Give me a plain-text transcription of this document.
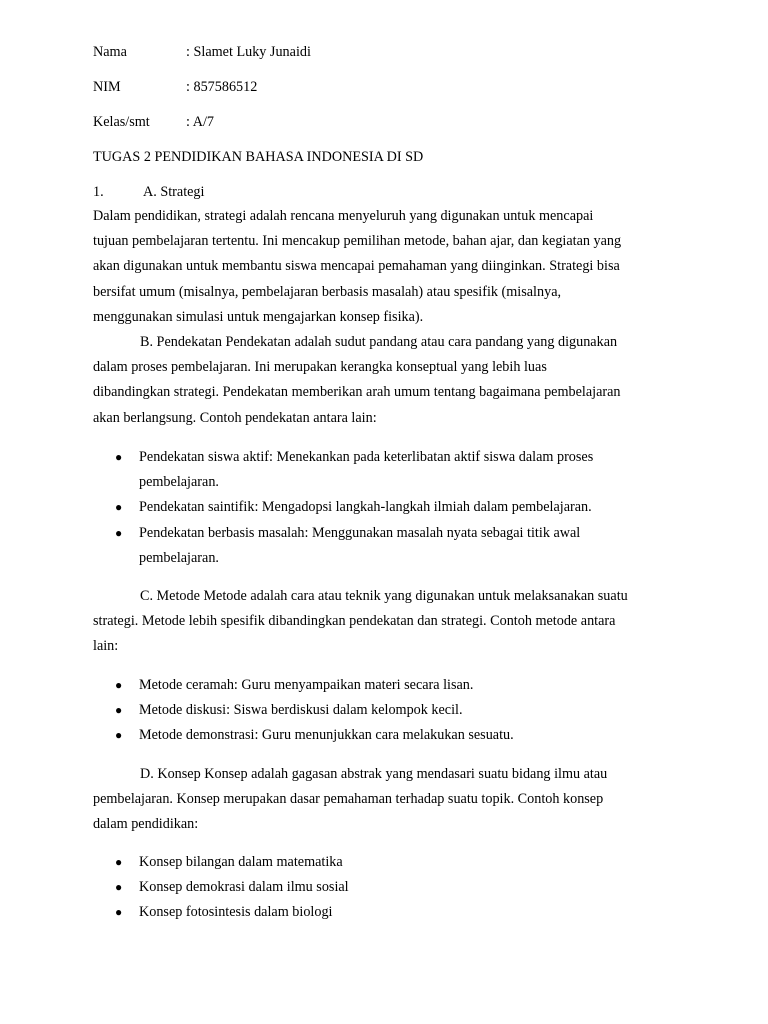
Nama	: Slamet Luky Junaidi
NIM	: 857586512
Kelas/smt	: A/7
TUGAS 2 PENDIDIKAN BAHASA INDONESIA DI SD
1.	A. Strategi

Dalam pendidikan, strategi adalah rencana menyeluruh yang digunakan untuk mencapai

tujuan pembelajaran tertentu. Ini mencakup pemilihan metode, bahan ajar, dan kegiatan yang

akan digunakan untuk membantu siswa mencapai pemahaman yang diinginkan. Strategi bisa

bersifat umum (misalnya, pembelajaran berbasis masalah) atau spesifik (misalnya,

menggunakan simulasi untuk mengajarkan konsep fisika).

B. Pendekatan Pendekatan adalah sudut pandang atau cara pandang yang digunakan

dalam proses pembelajaran. Ini merupakan kerangka konseptual yang lebih luas

dibandingkan strategi. Pendekatan memberikan arah umum tentang bagaimana pembelajaran

akan berlangsung. Contoh pendekatan antara lain:

● Pendekatan siswa aktif: Menekankan pada keterlibatan aktif siswa dalam proses
pembelajaran.
● Pendekatan saintifik: Mengadopsi langkah-langkah ilmiah dalam pembelajaran.
● Pendekatan berbasis masalah: Menggunakan masalah nyata sebagai titik awal
pembelajaran.

C. Metode Metode adalah cara atau teknik yang digunakan untuk melaksanakan suatu

strategi. Metode lebih spesifik dibandingkan pendekatan dan strategi. Contoh metode antara

lain:

● Metode ceramah: Guru menyampaikan materi secara lisan.
● Metode diskusi: Siswa berdiskusi dalam kelompok kecil.
● Metode demonstrasi: Guru menunjukkan cara melakukan sesuatu.

D. Konsep Konsep adalah gagasan abstrak yang mendasari suatu bidang ilmu atau

pembelajaran. Konsep merupakan dasar pemahaman terhadap suatu topik. Contoh konsep

dalam pendidikan:

● Konsep bilangan dalam matematika
● Konsep demokrasi dalam ilmu sosial
● Konsep fotosintesis dalam biologi
